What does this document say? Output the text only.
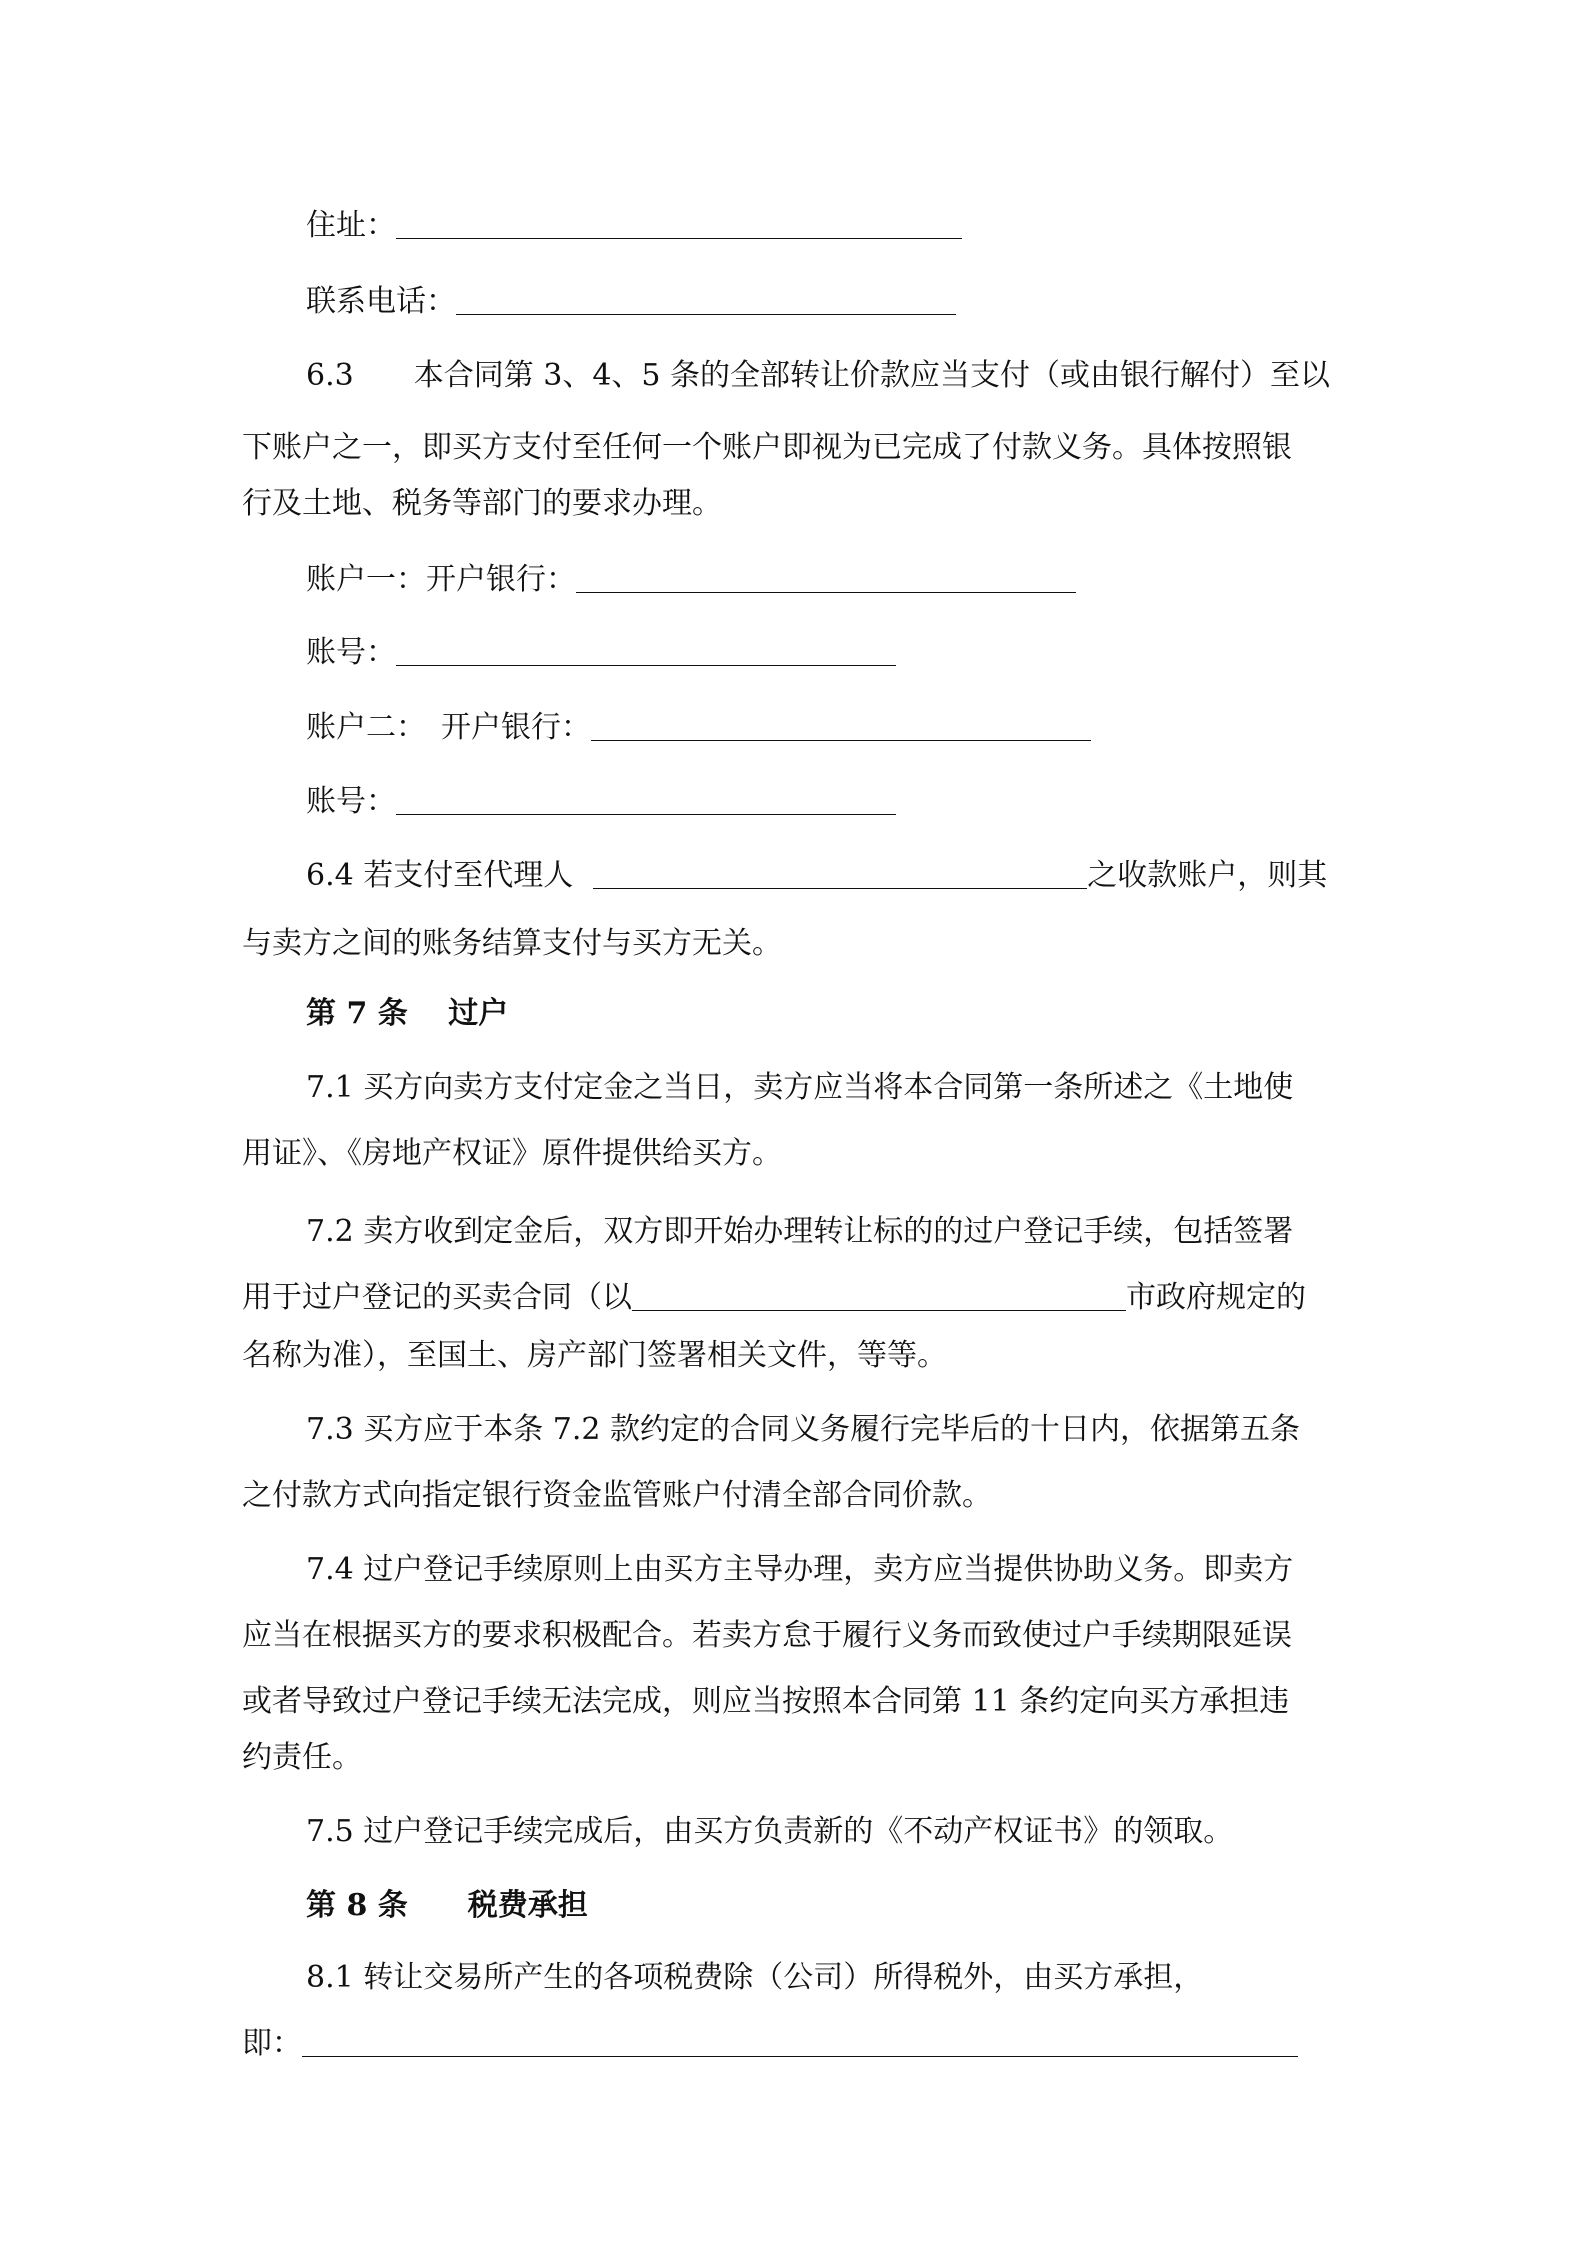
住址：
联系电话：
6.3　　本合同第 3、4、5 条的全部转让价款应当支付（或由银行解付）至以
下账户之一，即买方支付至任何一个账户即视为已完成了付款义务。具体按照银
行及土地、税务等部门的要求办理。
账户一：开户银行：
账号：
账户二：　开户银行：
账号：
6.4 若支付至代理人	之收款账户，则其
与卖方之间的账务结算支付与买方无关。
第 7 条　 过户
7.1 买方向卖方支付定金之当日，卖方应当将本合同第一条所述之《土地使
用证》、《房地产权证》原件提供给买方。
7.2 卖方收到定金后，双方即开始办理转让标的的过户登记手续，包括签署
用于过户登记的买卖合同（以	市政府规定的
名称为准），至国土、房产部门签署相关文件，等等。
7.3 买方应于本条 7.2 款约定的合同义务履行完毕后的十日内，依据第五条
之付款方式向指定银行资金监管账户付清全部合同价款。
7.4 过户登记手续原则上由买方主导办理，卖方应当提供协助义务。即卖方
应当在根据买方的要求积极配合。若卖方怠于履行义务而致使过户手续期限延误
或者导致过户登记手续无法完成，则应当按照本合同第 11 条约定向买方承担违
约责任。
7.5 过户登记手续完成后，由买方负责新的《不动产权证书》的领取。
第 8 条　　税费承担
8.1 转让交易所产生的各项税费除（公司）所得税外，由买方承担，
即：
